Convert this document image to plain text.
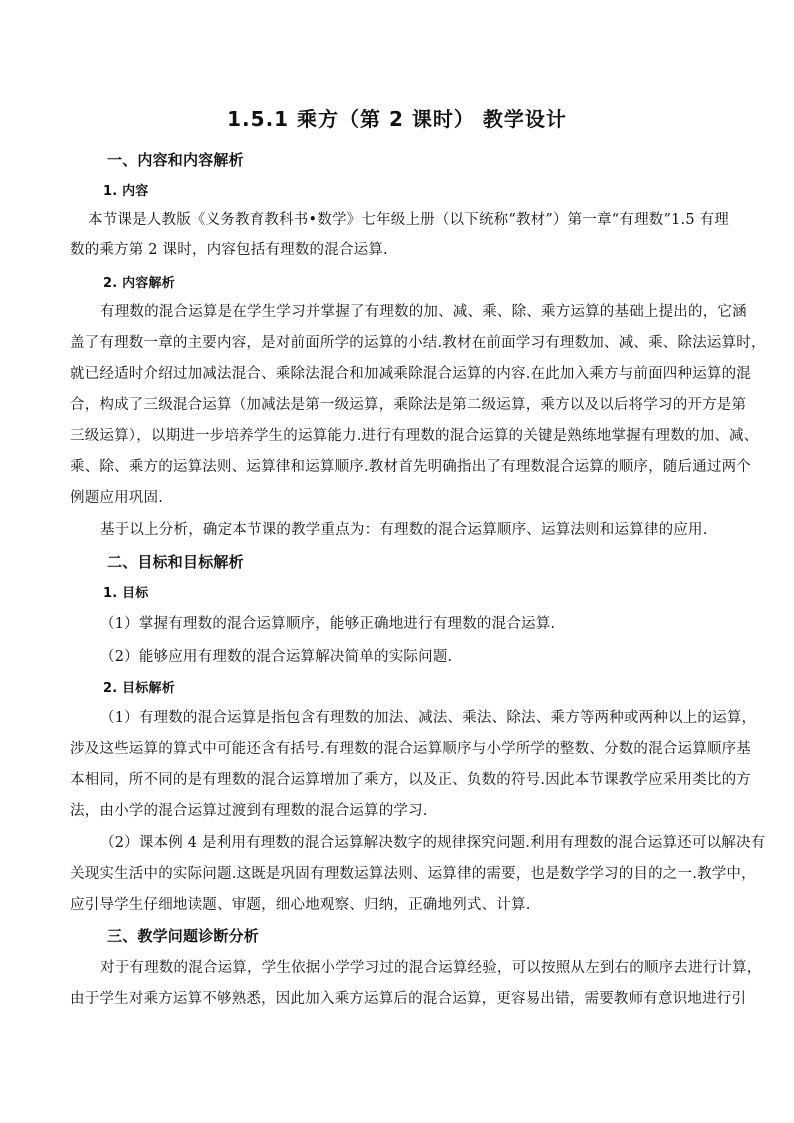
1.5.1 乘方（第 2 课时） 教学设计
一、内容和内容解析
1. 内容
本节课是人教版《义务教育教科书•数学》七年级上册（以下统称“教材”）第一章“有理数”1.5 有理
数的乘方第 2 课时，内容包括有理数的混合运算.
2. 内容解析
有理数的混合运算是在学生学习并掌握了有理数的加、减、乘、除、乘方运算的基础上提出的，它涵
盖了有理数一章的主要内容，是对前面所学的运算的小结.教材在前面学习有理数加、减、乘、除法运算时，
就已经适时介绍过加减法混合、乘除法混合和加减乘除混合运算的内容.在此加入乘方与前面四种运算的混
合，构成了三级混合运算（加减法是第一级运算，乘除法是第二级运算，乘方以及以后将学习的开方是第
三级运算），以期进一步培养学生的运算能力.进行有理数的混合运算的关键是熟练地掌握有理数的加、减、
乘、除、乘方的运算法则、运算律和运算顺序.教材首先明确指出了有理数混合运算的顺序，随后通过两个
例题应用巩固.
基于以上分析，确定本节课的教学重点为：有理数的混合运算顺序、运算法则和运算律的应用.
二、目标和目标解析
1. 目标
（1）掌握有理数的混合运算顺序，能够正确地进行有理数的混合运算.
（2）能够应用有理数的混合运算解决简单的实际问题.
2. 目标解析
（1）有理数的混合运算是指包含有理数的加法、减法、乘法、除法、乘方等两种或两种以上的运算，
涉及这些运算的算式中可能还含有括号.有理数的混合运算顺序与小学所学的整数、分数的混合运算顺序基
本相同，所不同的是有理数的混合运算增加了乘方，以及正、负数的符号.因此本节课教学应采用类比的方
法，由小学的混合运算过渡到有理数的混合运算的学习.
（2）课本例 4 是利用有理数的混合运算解决数字的规律探究问题.利用有理数的混合运算还可以解决有
关现实生活中的实际问题.这既是巩固有理数运算法则、运算律的需要，也是数学学习的目的之一.教学中，
应引导学生仔细地读题、审题，细心地观察、归纳，正确地列式、计算.
三、教学问题诊断分析
对于有理数的混合运算，学生依据小学学习过的混合运算经验，可以按照从左到右的顺序去进行计算，
由于学生对乘方运算不够熟悉，因此加入乘方运算后的混合运算，更容易出错，需要教师有意识地进行引
